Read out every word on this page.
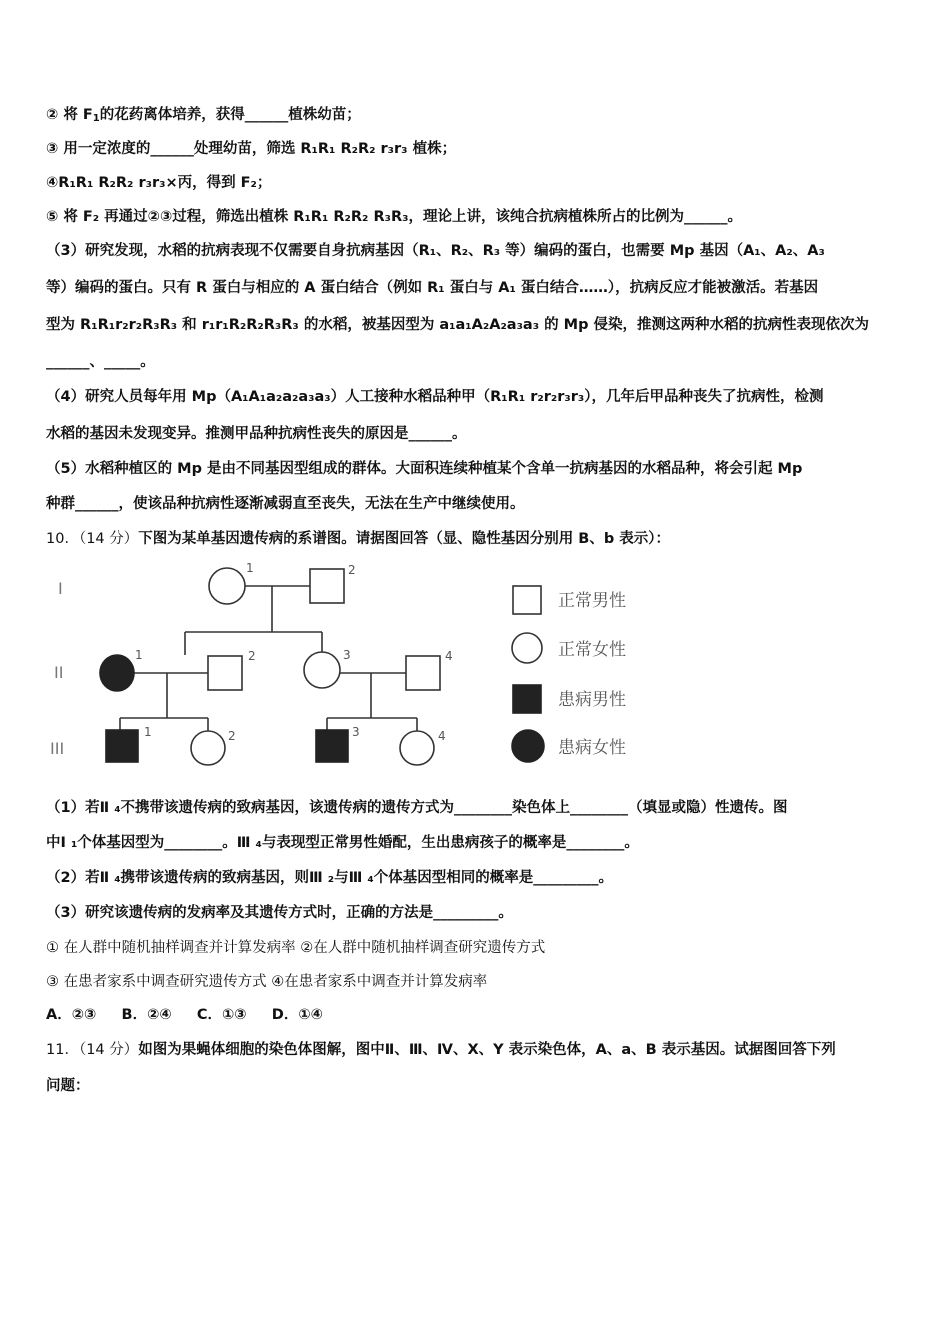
② 将 $F_1$的花药离体培养，获得______植株幼苗；
③ 用一定浓度的______处理幼苗，筛选 R₁R₁ R₂R₂ r₃r₃ 植株；
④R₁R₁ R₂R₂ r₃r₃×丙，得到 F₂；
⑤ 将 F₂ 再通过②③过程，筛选出植株 R₁R₁ R₂R₂ R₃R₃，理论上讲，该纯合抗病植株所占的比例为______。
（3）研究发现，水稻的抗病表现不仅需要自身抗病基因（R₁、R₂、R₃ 等）编码的蛋白，也需要 Mp 基因（A₁、A₂、A₃
等）编码的蛋白。只有 R 蛋白与相应的 A 蛋白结合（例如 R₁ 蛋白与 A₁ 蛋白结合……），抗病反应才能被激活。若基因
型为 R₁R₁r₂r₂R₃R₃ 和 r₁r₁R₂R₂R₃R₃ 的水稻，被基因型为 a₁a₁A₂A₂a₃a₃ 的 Mp 侵染，推测这两种水稻的抗病性表现依次为
______、_____。
（4）研究人员每年用 Mp（A₁A₁a₂a₂a₃a₃）人工接种水稻品种甲（R₁R₁ r₂r₂r₃r₃），几年后甲品种丧失了抗病性，检测
水稻的基因未发现变异。推测甲品种抗病性丧失的原因是______。
（5）水稻种植区的 Mp 是由不同基因型组成的群体。大面积连续种植某个含单一抗病基因的水稻品种，将会引起 Mp
种群______，使该品种抗病性逐渐减弱直至丧失，无法在生产中继续使用。
10．（14 分）下图为某单基因遗传病的系谱图。请据图回答（显、隐性基因分别用 B、b 表示）：
I
II
III
1	2
1	2	3	4
1	2	3	4
正常男性
正常女性
患病男性
患病女性
（1）若Ⅱ ₄不携带该遗传病的致病基因，该遗传病的遗传方式为________染色体上________（填显或隐）性遗传。图
中Ⅰ ₁个体基因型为________。Ⅲ ₄与表现型正常男性婚配，生出患病孩子的概率是________。
（2）若Ⅱ ₄携带该遗传病的致病基因，则Ⅲ ₂与Ⅲ ₄个体基因型相同的概率是_________。
（3）研究该遗传病的发病率及其遗传方式时，正确的方法是_________。
① 在人群中随机抽样调查并计算发病率 ②在人群中随机抽样调查研究遗传方式
③ 在患者家系中调查研究遗传方式 ④在患者家系中调查并计算发病率
A．②③     B．②④     C．①③     D．①④
11．（14 分）如图为果蝇体细胞的染色体图解，图中Ⅱ、Ⅲ、Ⅳ、X、Y 表示染色体，A、a、B 表示基因。试据图回答下列
问题：
